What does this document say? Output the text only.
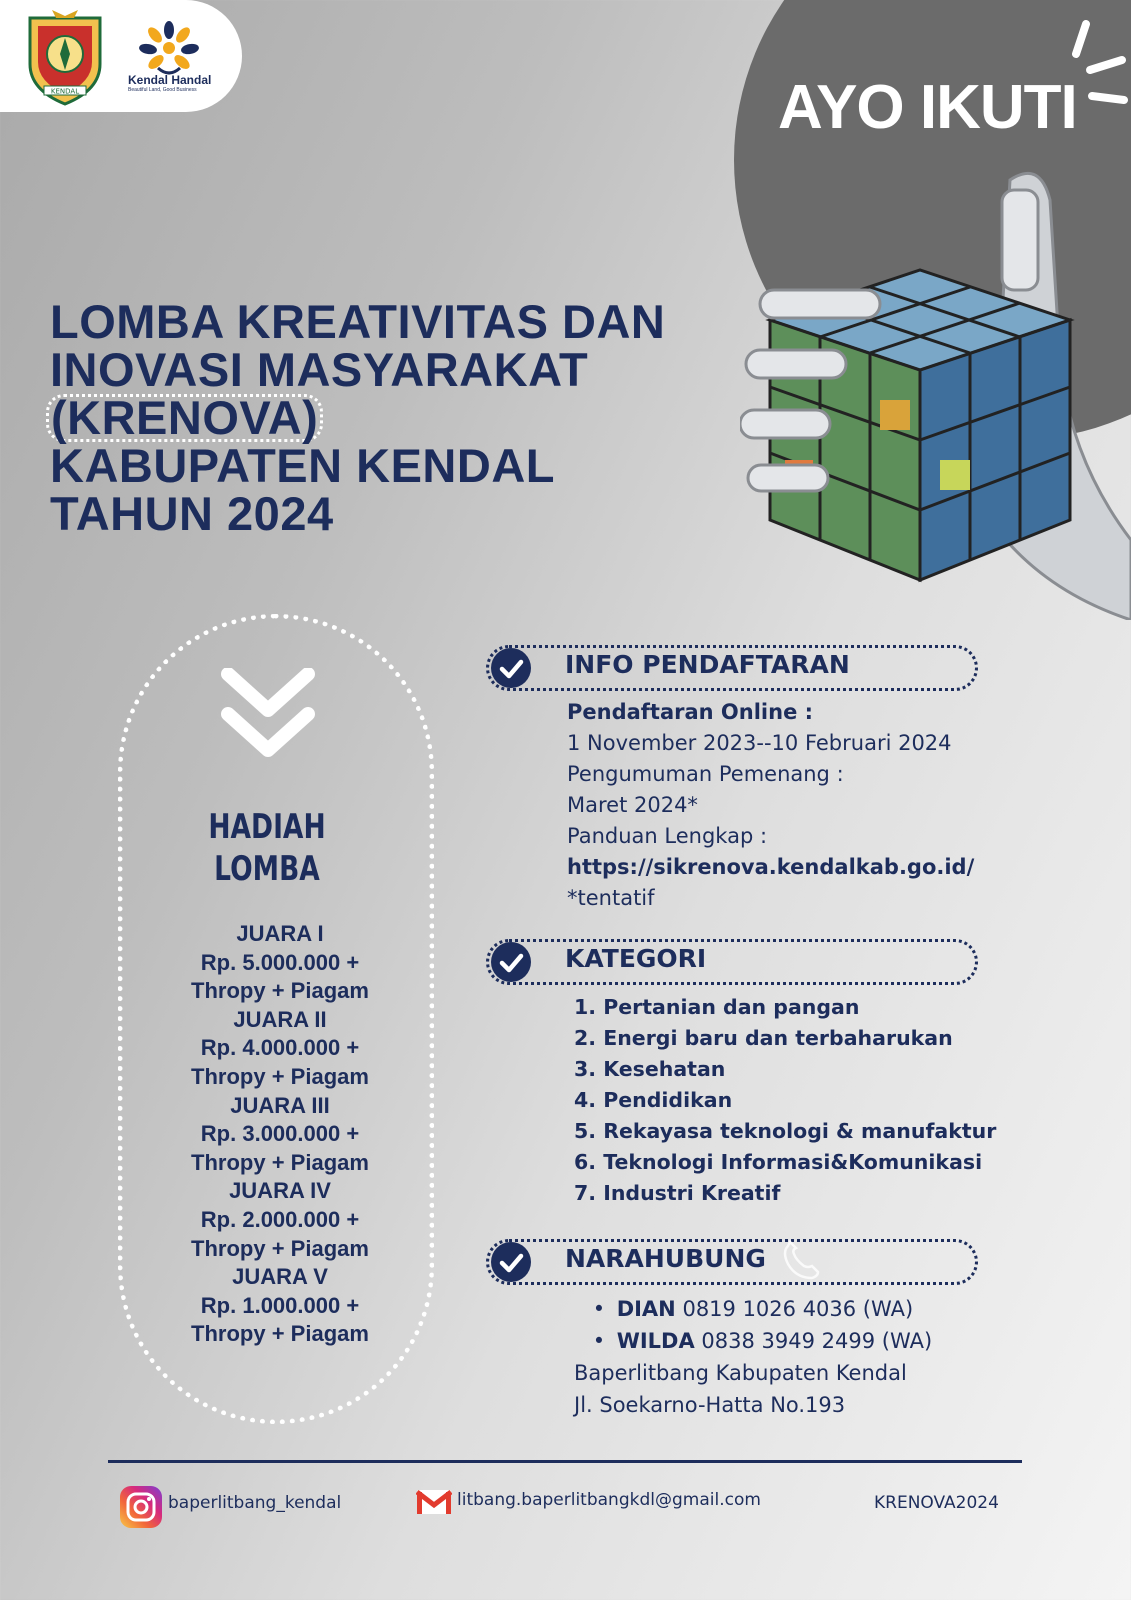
KENDAL
Kendal Handal
Beautiful Land, Good Business	AYO IKUTI
LOMBA KREATIVITAS DAN
INOVASI MASYARAKAT
(KRENOVA)
KABUPATEN KENDAL
TAHUN 2024
HADIAH
LOMBA
JUARA I
Rp. 5.000.000 +
Thropy + Piagam
JUARA II
Rp. 4.000.000 +
Thropy + Piagam
JUARA III
Rp. 3.000.000 +
Thropy + Piagam
JUARA IV
Rp. 2.000.000 +
Thropy + Piagam
JUARA V
Rp. 1.000.000 +
Thropy + Piagam
INFO PENDAFTARAN
Pendaftaran Online :
1 November 2023--10 Februari 2024
Pengumuman Pemenang :
Maret 2024*
Panduan Lengkap :
https://sikrenova.kendalkab.go.id/
*tentatif
KATEGORI
1. Pertanian dan pangan
2. Energi baru dan terbaharukan
3. Kesehatan
4. Pendidikan
5. Rekayasa teknologi & manufaktur
6. Teknologi Informasi&Komunikasi
7. Industri Kreatif
NARAHUBUNG
• DIAN 0819 1026 4036 (WA)
• WILDA 0838 3949 2499 (WA)
Baperlitbang Kabupaten Kendal
Jl. Soekarno-Hatta No.193
baperlitbang_kendal	litbang.baperlitbangkdl@gmail.com	KRENOVA2024
